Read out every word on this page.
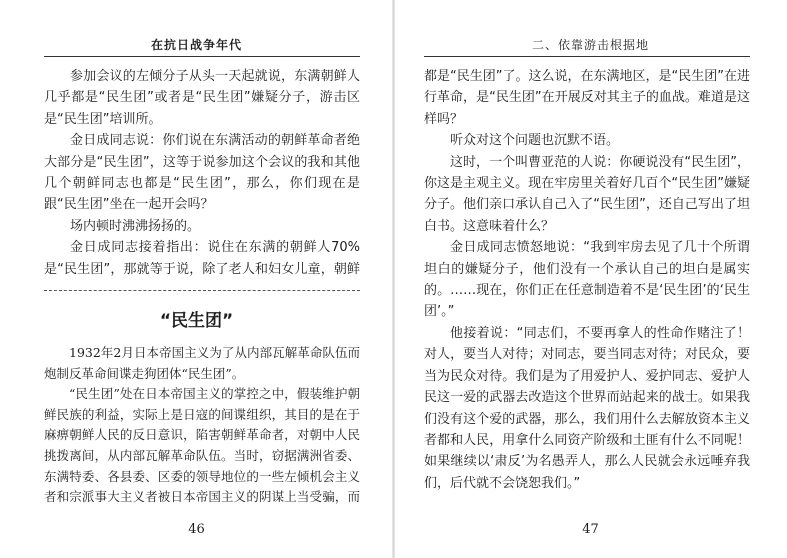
在抗日战争年代

参加会议的左倾分子从头一天起就说，东满朝鲜人几乎都是“民生团”或者是“民生团”嫌疑分子，游击区是“民生团”培训所。

金日成同志说：你们说在东满活动的朝鲜革命者绝大部分是“民生团”，这等于说参加这个会议的我和其他几个朝鲜同志也都是“民生团”，那么，你们现在是跟“民生团”坐在一起开会吗？

场内顿时沸沸扬扬的。

金日成同志接着指出：说住在东满的朝鲜人70%是“民生团”，那就等于说，除了老人和妇女儿童，朝鲜

“民生团”

1932年2月日本帝国主义为了从内部瓦解革命队伍而炮制反革命间谍走狗团体“民生团”。

“民生团”处在日本帝国主义的掌控之中，假装维护朝鲜民族的利益，实际上是日寇的间谍组织，其目的是在于麻痹朝鲜人民的反日意识，陷害朝鲜革命者，对朝中人民挑拨离间，从内部瓦解革命队伍。当时，窃据满洲省委、东满特委、各县委、区委的领导地位的一些左倾机会主义者和宗派事大主义者被日本帝国主义的阴谋上当受骗，而

46
二、依靠游击根据地

都是“民生团”了。这么说，在东满地区，是“民生团”在进行革命，是“民生团”在开展反对其主子的血战。难道是这样吗？

听众对这个问题也沉默不语。

这时，一个叫曹亚范的人说：你硬说没有“民生团”，你这是主观主义。现在牢房里关着好几百个“民生团”嫌疑分子。他们亲口承认自己入了“民生团”，还自己写出了坦白书。这意味着什么？

金日成同志愤怒地说：“我到牢房去见了几十个所谓坦白的嫌疑分子，他们没有一个承认自己的坦白是属实的。……现在，你们正在任意制造着不是‘民生团’的‘民生团’。”

他接着说：“同志们，不要再拿人的性命作赌注了！对人，要当人对待；对同志，要当同志对待；对民众，要当为民众对待。我们是为了用爱护人、爱护同志、爱护人民这一爱的武器去改造这个世界而站起来的战士。如果我们没有这个爱的武器，那么，我们用什么去解放资本主义者都和人民，用拿什么同资产阶级和土匪有什么不同呢！如果继续以‘肃反’为名愚弄人，那么人民就会永远唾弃我们，后代就不会饶恕我们。”

47
